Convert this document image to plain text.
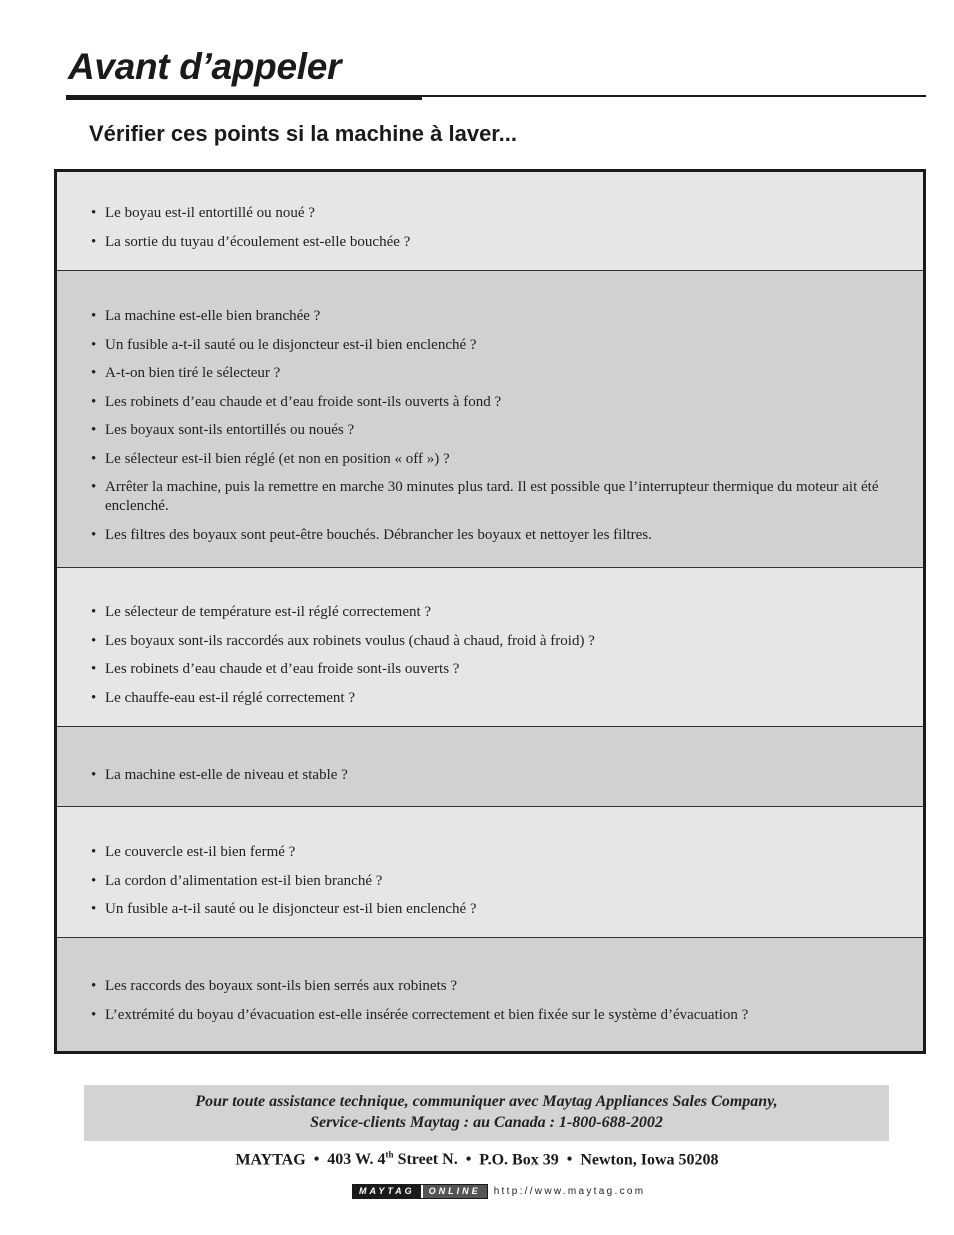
Avant d’appeler
Vérifier ces points si la machine à laver...
• Le boyau est-il entortillé ou noué ?
• La sortie du tuyau d’écoulement est-elle bouchée ?
• La machine est-elle bien branchée ?
• Un fusible a-t-il sauté ou le disjoncteur est-il bien enclenché ?
• A-t-on bien tiré le sélecteur ?
• Les robinets d’eau chaude et d’eau froide sont-ils ouverts à fond ?
• Les boyaux sont-ils entortillés ou noués ?
• Le sélecteur est-il bien réglé (et non en position « off ») ?
• Arrêter la machine, puis la remettre en marche 30 minutes plus tard. Il est possible que l’interrupteur thermique du moteur ait été enclenché.
• Les filtres des boyaux sont peut-être bouchés. Débrancher les boyaux et nettoyer les filtres.
• Le sélecteur de température est-il réglé correctement ?
• Les boyaux sont-ils raccordés aux robinets voulus (chaud à chaud, froid à froid) ?
• Les robinets d’eau chaude et d’eau froide sont-ils ouverts ?
• Le chauffe-eau est-il réglé correctement ?
• La machine est-elle de niveau et stable ?
• Le couvercle est-il bien fermé ?
• La cordon d’alimentation est-il bien branché ?
• Un fusible a-t-il sauté ou le disjoncteur est-il bien enclenché ?
• Les raccords des boyaux sont-ils bien serrés aux robinets ?
• L’extrémité du boyau d’évacuation est-elle insérée correctement et bien fixée sur le système d’évacuation ?

Pour toute assistance technique, communiquer avec Maytag Appliances Sales Company,

Service-clients Maytag : au Canada : 1-800-688-2002

MAYTAG • 403 W. 4th Street N. • P.O. Box 39 • Newton, Iowa 50208
MAYTAG	ONLINE	http://www.maytag.com
